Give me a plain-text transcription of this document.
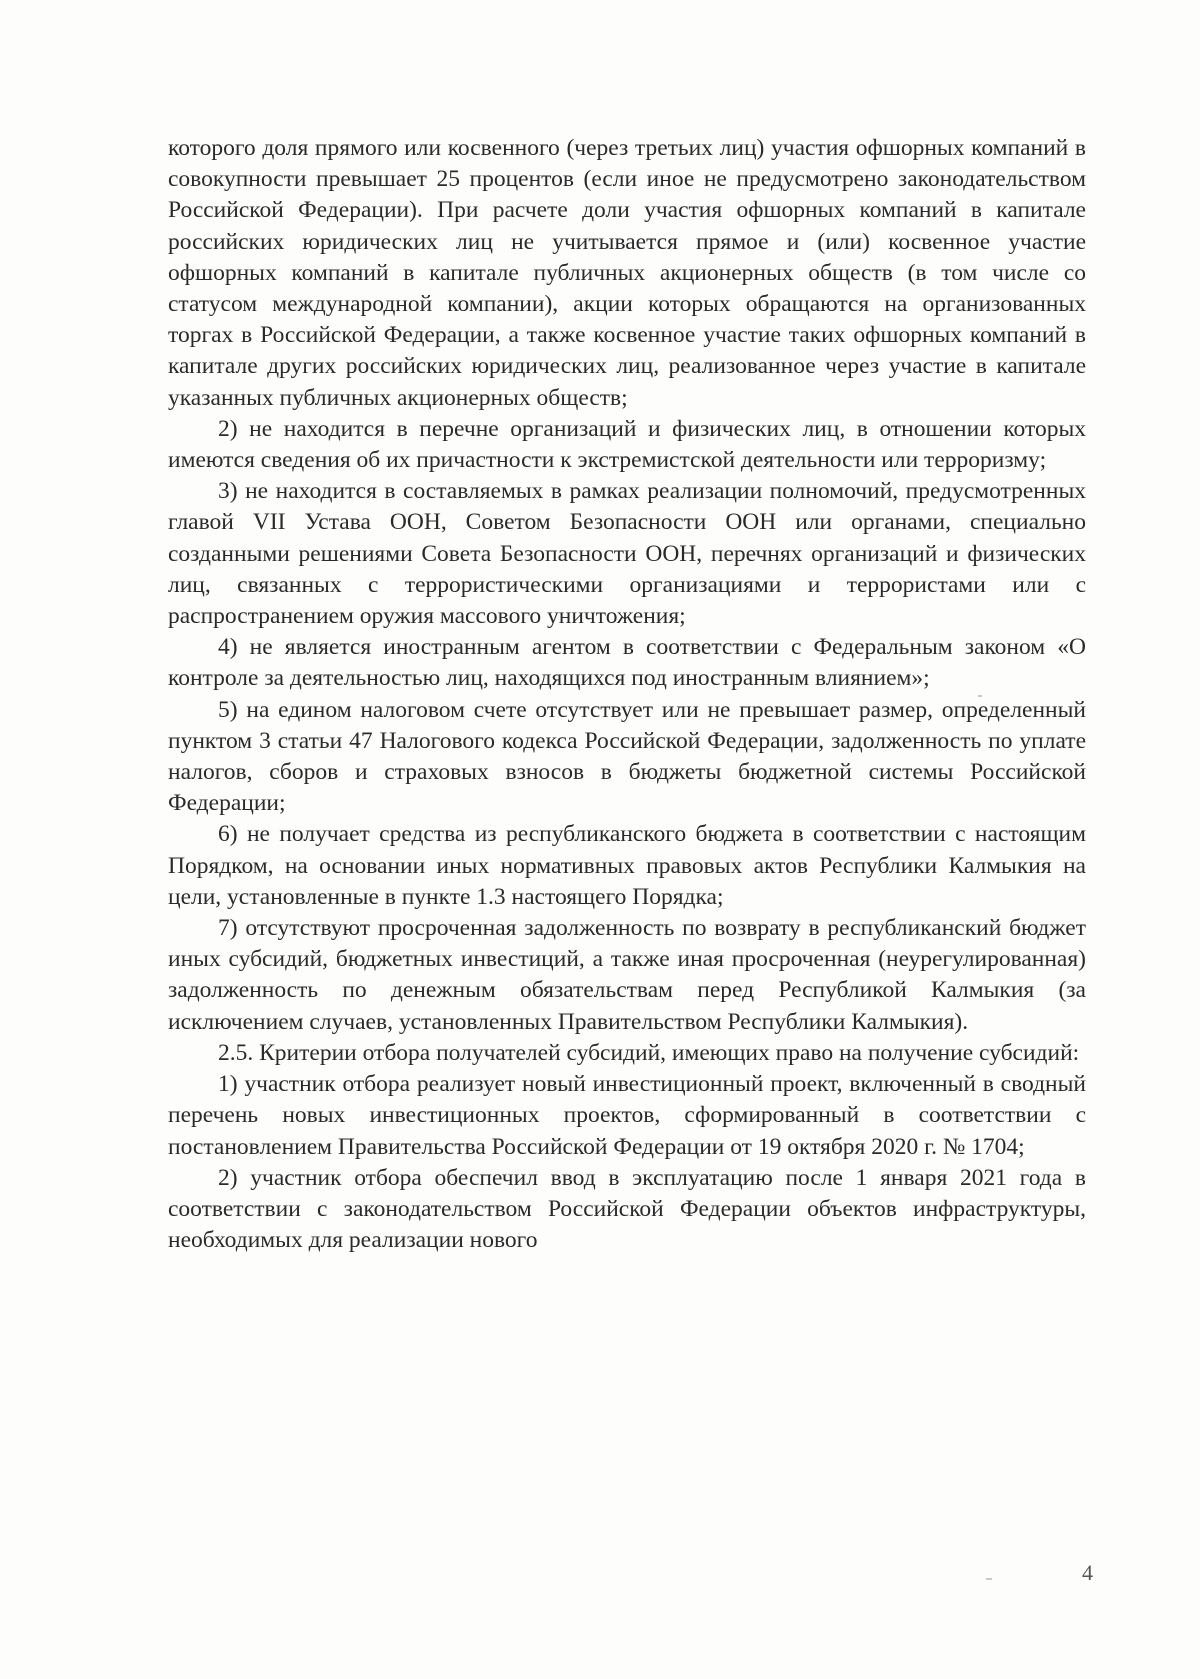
которого доля прямого или косвенного (через третьих лиц) участия офшорных компаний в совокупности превышает 25 процентов (если иное не предусмотрено законодательством Российской Федерации). При расчете доли участия офшорных компаний в капитале российских юридических лиц не учитывается прямое и (или) косвенное участие офшорных компаний в капитале публичных акционерных обществ (в том числе со статусом международной компании), акции которых обращаются на организованных торгах в Российской Федерации, а также косвенное участие таких офшорных компаний в капитале других российских юридических лиц, реализованное через участие в капитале указанных публичных акционерных обществ;

2) не находится в перечне организаций и физических лиц, в отношении которых имеются сведения об их причастности к экстремистской деятельности или терроризму;

3) не находится в составляемых в рамках реализации полномочий, предусмотренных главой VII Устава ООН, Советом Безопасности ООН или органами, специально созданными решениями Совета Безопасности ООН, перечнях организаций и физических лиц, связанных с террористическими организациями и террористами или с распространением оружия массового уничтожения;

4) не является иностранным агентом в соответствии с Федеральным законом «О контроле за деятельностью лиц, находящихся под иностранным влиянием»;

5) на едином налоговом счете отсутствует или не превышает размер, определенный пунктом 3 статьи 47 Налогового кодекса Российской Федерации, задолженность по уплате налогов, сборов и страховых взносов в бюджеты бюджетной системы Российской Федерации;

6) не получает средства из республиканского бюджета в соответствии с настоящим Порядком, на основании иных нормативных правовых актов Республики Калмыкия на цели, установленные в пункте 1.3 настоящего Порядка;

7) отсутствуют просроченная задолженность по возврату в республиканский бюджет иных субсидий, бюджетных инвестиций, а также иная просроченная (неурегулированная) задолженность по денежным обязательствам перед Республикой Калмыкия (за исключением случаев, установленных Правительством Республики Калмыкия).

2.5. Критерии отбора получателей субсидий, имеющих право на получение субсидий:

1) участник отбора реализует новый инвестиционный проект, включенный в сводный перечень новых инвестиционных проектов, сформированный в соответствии с постановлением Правительства Российской Федерации от 19 октября 2020 г. № 1704;

2) участник отбора обеспечил ввод в эксплуатацию после 1 января 2021 года в соответствии с законодательством Российской Федерации объектов инфраструктуры, необходимых для реализации нового

4
